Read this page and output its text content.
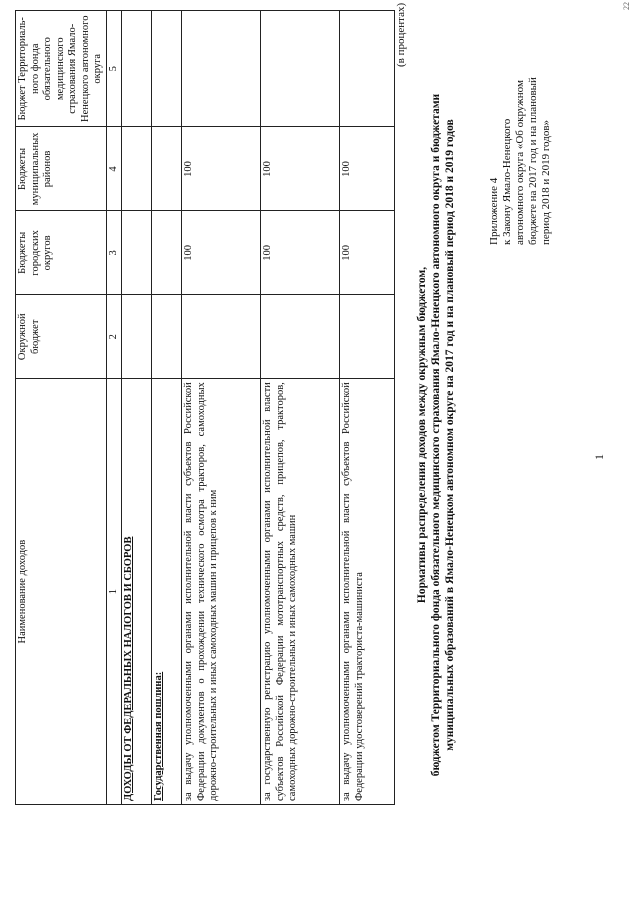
Приложение 4 к Закону Ямало-Ненецкого автономного округа «Об окружном бюджете на 2017 год и на плановый период 2018 и 2019 годов»
Нормативы распределения доходов между окружным бюджетом, бюджетом Территориального фонда обязательного медицинского страхования Ямало-Ненецкого автономного округа и бюджетами муниципальных образований в Ямало-Ненецком автономном округе на 2017 год и на плановый период 2018 и 2019 годов
(в процентах)
Наименование доходов	Окружной бюджет	Бюджеты городских округов	Бюджеты муниципальных районов	Бюджет Территориаль-ного фонда обязательного медицинского страхования Ямало-Ненецкого автономного округа
1	2	3	4	5
ДОХОДЫ ОТ ФЕДЕРАЛЬНЫХ НАЛОГОВ И СБОРОВ				
Государственная пошлина:				
за выдачу уполномоченными органами исполнительной власти субъектов Российской Федерации документов о прохождении технического осмотра тракторов, самоходных дорожно-строительных и иных самоходных машин и прицепов к ним		100	100	
за государственную регистрацию уполномоченными органами исполнительной власти субъектов Российской Федерации мототранспортных средств, прицепов, тракторов, самоходных дорожно-строительных и иных самоходных машин		100	100	
за выдачу уполномоченными органами исполнительной власти субъектов Российской Федерации удостоверений тракториста-машиниста		100	100	
1
22
